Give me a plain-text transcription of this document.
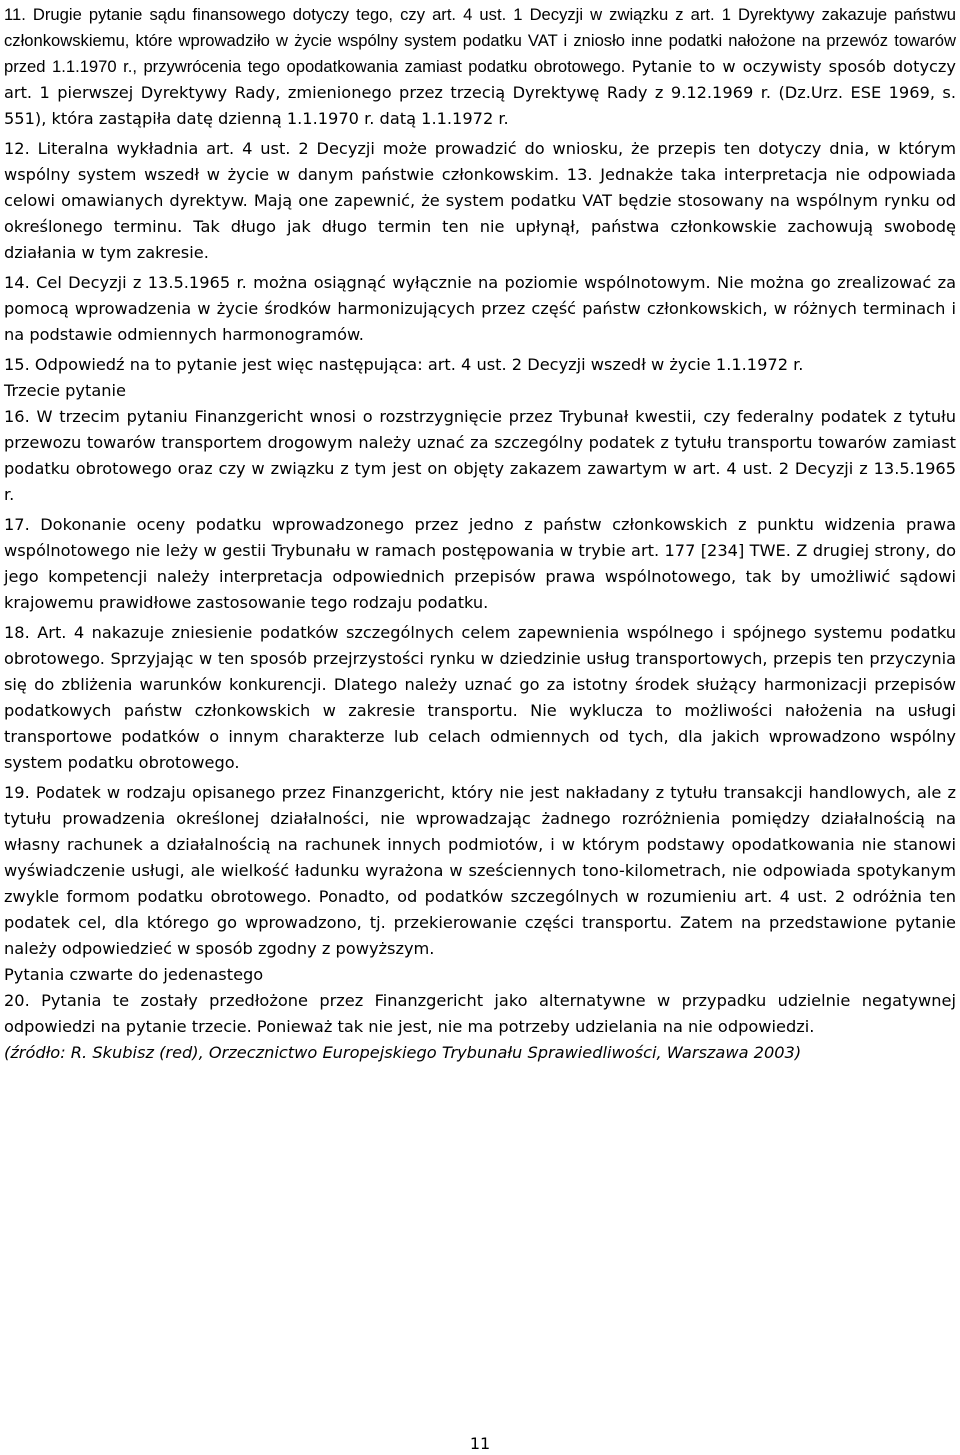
11. Drugie pytanie sądu finansowego dotyczy tego, czy art. 4 ust. 1 Decyzji w związku z art. 1 Dyrektywy zakazuje państwu członkowskiemu, które wprowadziło w życie wspólny system podatku VAT i zniosło inne podatki nałożone na przewóz towarów przed 1.1.1970 r., przywrócenia tego opodatkowania zamiast podatku obrotowego. Pytanie to w oczywisty sposób dotyczy art. 1 pierwszej Dyrektywy Rady, zmienionego przez trzecią Dyrektywę Rady z 9.12.1969 r. (Dz.Urz. ESE 1969, s. 551), która zastąpiła datę dzienną 1.1.1970 r. datą 1.1.1972 r.

12. Literalna wykładnia art. 4 ust. 2 Decyzji może prowadzić do wniosku, że przepis ten dotyczy dnia, w którym wspólny system wszedł w życie w danym państwie członkowskim. 13. Jednakże taka interpretacja nie odpowiada celowi omawianych dyrektyw. Mają one zapewnić, że system podatku VAT będzie stosowany na wspólnym rynku od określonego terminu. Tak długo jak długo termin ten nie upłynął, państwa członkowskie zachowują swobodę działania w tym zakresie.

14. Cel Decyzji z 13.5.1965 r. można osiągnąć wyłącznie na poziomie wspólnotowym. Nie można go zrealizować za pomocą wprowadzenia w życie środków harmonizujących przez część państw członkowskich, w różnych terminach i na podstawie odmiennych harmonogramów.

15. Odpowiedź na to pytanie jest więc następująca: art. 4 ust. 2 Decyzji wszedł w życie 1.1.1972 r.

Trzecie pytanie

16. W trzecim pytaniu Finanzgericht wnosi o rozstrzygnięcie przez Trybunał kwestii, czy federalny podatek z tytułu przewozu towarów transportem drogowym należy uznać za szczególny podatek z tytułu transportu towarów zamiast podatku obrotowego oraz czy w związku z tym jest on objęty zakazem zawartym w art. 4 ust. 2 Decyzji z 13.5.1965 r.

17. Dokonanie oceny podatku wprowadzonego przez jedno z państw członkowskich z punktu widzenia prawa wspólnotowego nie leży w gestii Trybunału w ramach postępowania w trybie art. 177 [234] TWE. Z drugiej strony, do jego kompetencji należy interpretacja odpowiednich przepisów prawa wspólnotowego, tak by umożliwić sądowi krajowemu prawidłowe zastosowanie tego rodzaju podatku.

18. Art. 4 nakazuje zniesienie podatków szczególnych celem zapewnienia wspólnego i spójnego systemu podatku obrotowego. Sprzyjając w ten sposób przejrzystości rynku w dziedzinie usług transportowych, przepis ten przyczynia się do zbliżenia warunków konkurencji. Dlatego należy uznać go za istotny środek służący harmonizacji przepisów podatkowych państw członkowskich w zakresie transportu. Nie wyklucza to możliwości nałożenia na usługi transportowe podatków o innym charakterze lub celach odmiennych od tych, dla jakich wprowadzono wspólny system podatku obrotowego.

19. Podatek w rodzaju opisanego przez Finanzgericht, który nie jest nakładany z tytułu transakcji handlowych, ale z tytułu prowadzenia określonej działalności, nie wprowadzając żadnego rozróżnienia pomiędzy działalnością na własny rachunek a działalnością na rachunek innych podmiotów, i w którym podstawy opodatkowania nie stanowi wyświadczenie usługi, ale wielkość ładunku wyrażona w sześciennych tono-kilometrach, nie odpowiada spotykanym zwykle formom podatku obrotowego. Ponadto, od podatków szczególnych w rozumieniu art. 4 ust. 2 odróżnia ten podatek cel, dla którego go wprowadzono, tj. przekierowanie części transportu. Zatem na przedstawione pytanie należy odpowiedzieć w sposób zgodny z powyższym.

Pytania czwarte do jedenastego

20. Pytania te zostały przedłożone przez Finanzgericht jako alternatywne w przypadku udzielnie negatywnej odpowiedzi na pytanie trzecie. Ponieważ tak nie jest, nie ma potrzeby udzielania na nie odpowiedzi.

(źródło: R. Skubisz (red), Orzecznictwo Europejskiego Trybunału Sprawiedliwości, Warszawa 2003)

11
